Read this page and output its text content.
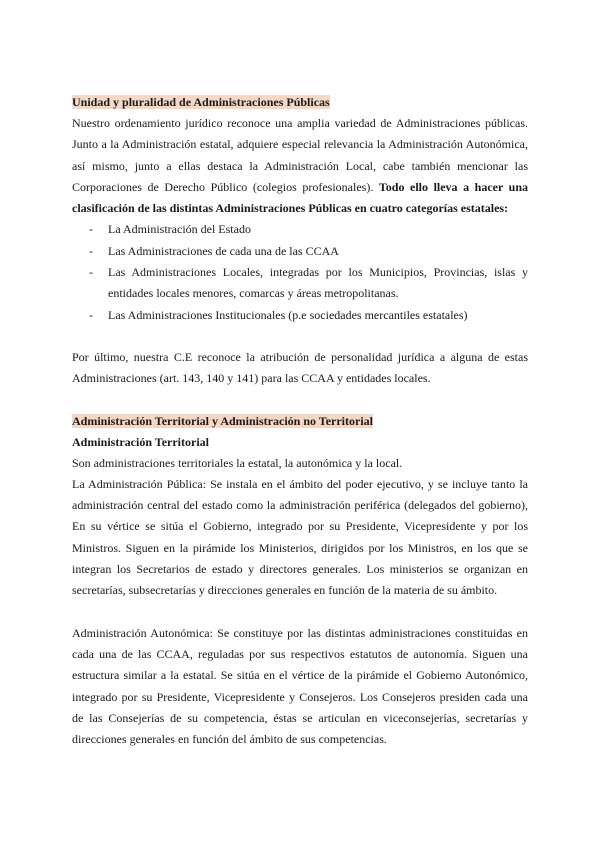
Unidad y pluralidad de Administraciones Públicas

Nuestro ordenamiento jurídico reconoce una amplia variedad de Administraciones públicas. Junto a la Administración estatal, adquiere especial relevancia la Administración Autonómica, así mismo, junto a ellas destaca la Administración Local, cabe también mencionar las Corporaciones de Derecho Público (colegios profesionales). Todo ello lleva a hacer una clasificación de las distintas Administraciones Públicas en cuatro categorías estatales:

- La Administración del Estado
- Las Administraciones de cada una de las CCAA
- Las Administraciones Locales, integradas por los Municipios, Provincias, islas y entidades locales menores, comarcas y áreas metropolitanas.
- Las Administraciones Institucionales (p.e sociedades mercantiles estatales)

Por último, nuestra C.E reconoce la atribución de personalidad jurídica a alguna de estas Administraciones (art. 143, 140 y 141) para las CCAA y entidades locales.

Administración Territorial y Administración no Territorial

Administración Territorial

Son administraciones territoriales la estatal, la autonómica y la local.

La Administración Pública: Se instala en el ámbito del poder ejecutivo, y se incluye tanto la administración central del estado como la administración periférica (delegados del gobierno), En su vértice se sitúa el Gobierno, integrado por su Presidente, Vicepresidente y por los Ministros. Siguen en la pirámide los Ministerios, dirigidos por los Ministros, en los que se integran los Secretarios de estado y directores generales. Los ministerios se organizan en secretarías, subsecretarías y direcciones generales en función de la materia de su ámbito.

Administración Autonómica: Se constituye por las distintas administraciones constituidas en cada una de las CCAA, reguladas por sus respectivos estatutos de autonomía. Siguen una estructura similar a la estatal. Se sitúa en el vértice de la pirámide el Gobierno Autonómico, integrado por su Presidente, Vicepresidente y Consejeros. Los Consejeros presiden cada una de las Consejerías de su competencia, éstas se articulan en viceconsejerías, secretarías y direcciones generales en función del ámbito de sus competencias.
